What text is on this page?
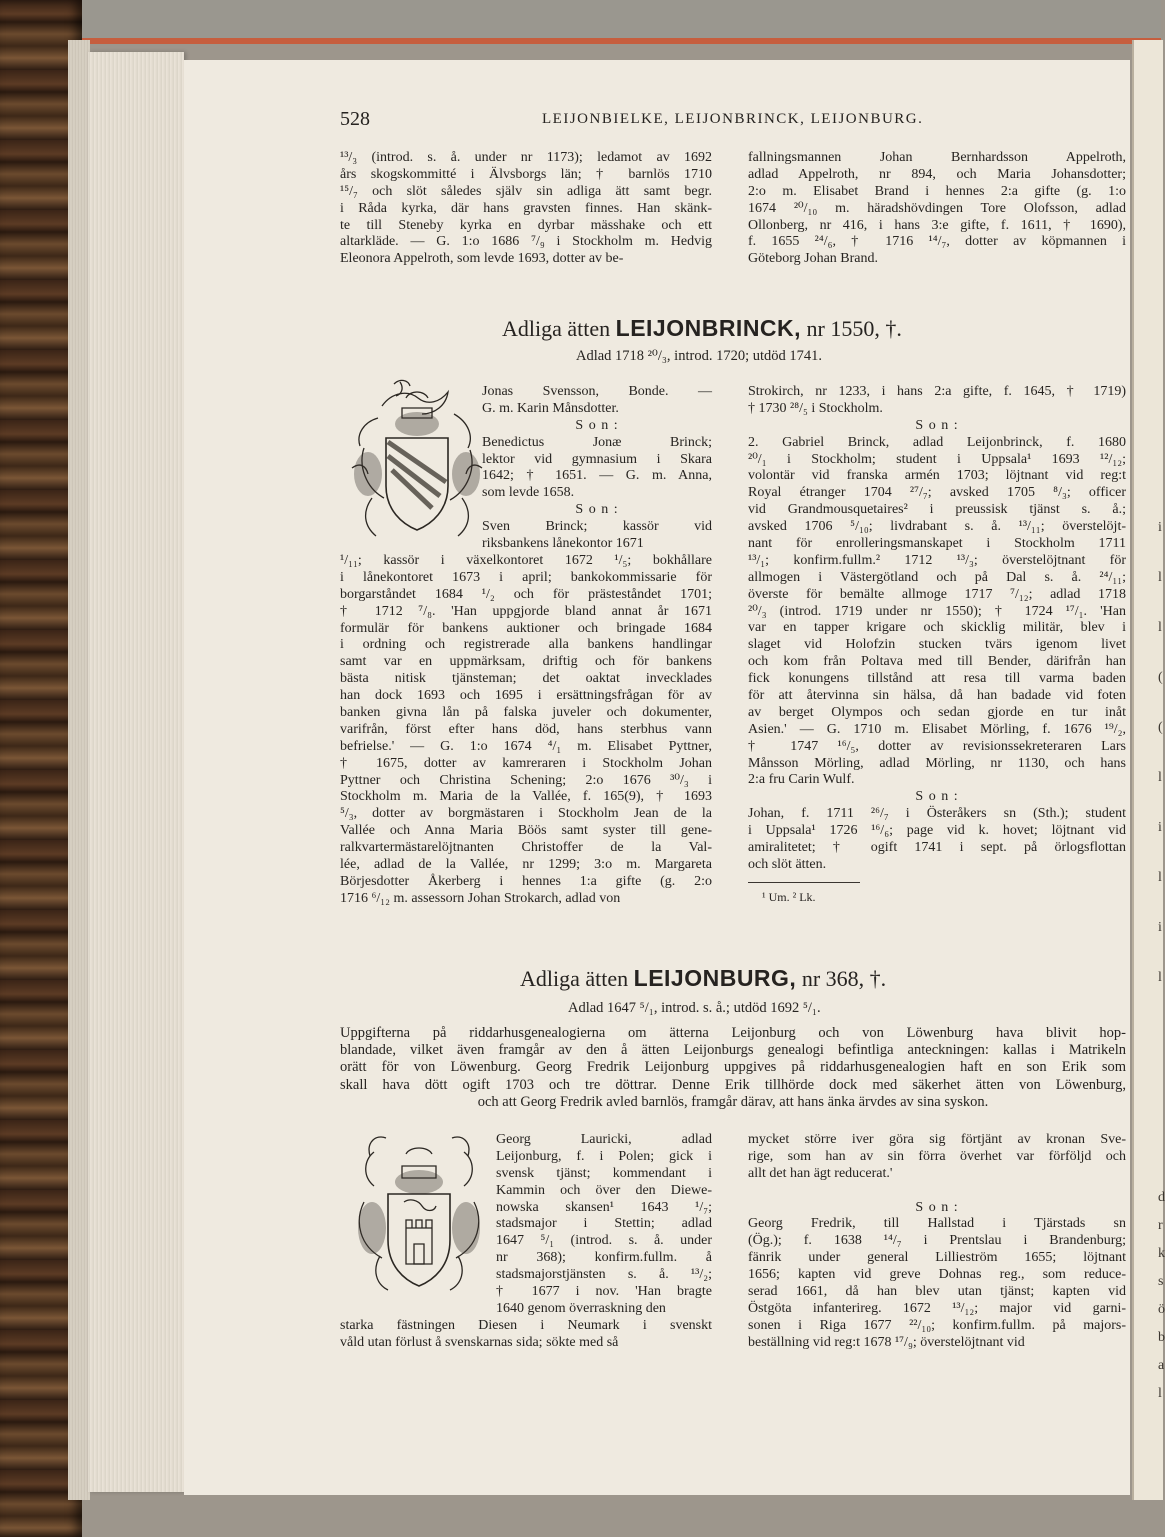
i
l
l
(
(
l
i
l
i
l
d
r
k
s
ö
b
a
l
528	LEIJONBIELKE, LEIJONBRINCK, LEIJONBURG.
¹³/₃ (introd. s. å. under nr 1173); ledamot av 1692
års skogskommitté i Älvsborgs län; † barnlös 1710
¹⁵/₇ och slöt således själv sin adliga ätt samt begr.
i Råda kyrka, där hans gravsten finnes. Han skänk-
te till Steneby kyrka en dyrbar mässhake och ett
altarkläde. — G. 1:o 1686 ⁷/₉ i Stockholm m. Hedvig
Eleonora Appelroth, som levde 1693, dotter av be-
fallningsmannen Johan Bernhardsson Appelroth,
adlad Appelroth, nr 894, och Maria Johansdotter;
2:o m. Elisabet Brand i hennes 2:a gifte (g. 1:o
1674 ²⁰/₁₀ m. häradshövdingen Tore Olofsson, adlad
Ollonberg, nr 416, i hans 3:e gifte, f. 1611, † 1690),
f. 1655 ²⁴/₆, † 1716 ¹⁴/₇, dotter av köpmannen i
Göteborg Johan Brand.
Adliga ätten LEIJONBRINCK, nr 1550, †.
Adlad 1718 ²⁰/₃, introd. 1720; utdöd 1741.
Jonas Svensson, Bonde. —
G. m. Karin Månsdotter.
S o n :
Benedictus Jonæ Brinck;
lektor vid gymnasium i Skara
1642; † 1651. — G. m. Anna,
som levde 1658.
S o n :
Sven Brinck; kassör vid
riksbankens lånekontor 1671
¹/₁₁; kassör i växelkontoret 1672 ¹/₅; bokhållare
i lånekontoret 1673 i april; bankokommissarie för
borgarståndet 1684 ¹/₂ och för prästeståndet 1701;
† 1712 ⁷/₈. 'Han uppgjorde bland annat år 1671
formulär för bankens auktioner och bringade 1684
i ordning och registrerade alla bankens handlingar
samt var en uppmärksam, driftig och för bankens
bästa nitisk tjänsteman; det oaktat invecklades
han dock 1693 och 1695 i ersättningsfrågan för av
banken givna lån på falska juveler och dokumenter,
varifrån, först efter hans död, hans sterbhus vann
befrielse.' — G. 1:o 1674 ⁴/₁ m. Elisabet Pyttner,
† 1675, dotter av kamreraren i Stockholm Johan
Pyttner och Christina Schening; 2:o 1676 ³⁰/₃ i
Stockholm m. Maria de la Vallée, f. 165(9), † 1693
⁵/₃, dotter av borgmästaren i Stockholm Jean de la
Vallée och Anna Maria Böös samt syster till gene-
ralkvartermästarelöjtnanten Christoffer de la Val-
lée, adlad de la Vallée, nr 1299; 3:o m. Margareta
Börjesdotter Åkerberg i hennes 1:a gifte (g. 2:o
1716 ⁶/₁₂ m. assessorn Johan Strokarch, adlad von
Strokirch, nr 1233, i hans 2:a gifte, f. 1645, † 1719)
† 1730 ²⁸/₅ i Stockholm.
S o n :
2. Gabriel Brinck, adlad Leijonbrinck, f. 1680
²⁰/₁ i Stockholm; student i Uppsala¹ 1693 ¹²/₁₂;
volontär vid franska armén 1703; löjtnant vid reg:t
Royal étranger 1704 ²⁷/₇; avsked 1705 ⁸/₃; officer
vid Grandmousquetaires² i preussisk tjänst s. å.;
avsked 1706 ⁵/₁₀; livdrabant s. å. ¹³/₁₁; överstelöjt-
nant för enrolleringsmanskapet i Stockholm 1711
¹³/₁; konfirm.fullm.² 1712 ¹³/₃; överstelöjtnant för
allmogen i Västergötland och på Dal s. å. ²⁴/₁₁;
överste för bemälte allmoge 1717 ⁷/₁₂; adlad 1718
²⁰/₃ (introd. 1719 under nr 1550); † 1724 ¹⁷/₁. 'Han
var en tapper krigare och skicklig militär, blev i
slaget vid Holofzin stucken tvärs igenom livet
och kom från Poltava med till Bender, därifrån han
fick konungens tillstånd att resa till varma baden
för att återvinna sin hälsa, då han badade vid foten
av berget Olympos och sedan gjorde en tur inåt
Asien.' — G. 1710 m. Elisabet Mörling, f. 1676 ¹⁹/₂,
† 1747 ¹⁶/₅, dotter av revisionssekreteraren Lars
Månsson Mörling, adlad Mörling, nr 1130, och hans
2:a fru Carin Wulf.
S o n :
Johan, f. 1711 ²⁶/₇ i Österåkers sn (Sth.); student
i Uppsala¹ 1726 ¹⁶/₆; page vid k. hovet; löjtnant vid
amiralitetet; † ogift 1741 i sept. på örlogsflottan
och slöt ätten.
¹ Um. ² Lk.
Adliga ätten LEIJONBURG, nr 368, †.
Adlad 1647 ⁵/₁, introd. s. å.; utdöd 1692 ⁵/₁.
Uppgifterna på riddarhusgenealogierna om ätterna Leijonburg och von Löwenburg hava blivit hop-
blandade, vilket även framgår av den å ätten Leijonburgs genealogi befintliga anteckningen: kallas i Matrikeln
orätt för von Löwenburg. Georg Fredrik Leijonburg uppgives på riddarhusgenealogien haft en son Erik som
skall hava dött ogift 1703 och tre döttrar. Denne Erik tillhörde dock med säkerhet ätten von Löwenburg,
och att Georg Fredrik avled barnlös, framgår därav, att hans änka ärvdes av sina syskon.
Georg Lauricki, adlad
Leijonburg, f. i Polen; gick i
svensk tjänst; kommendant i
Kammin och över den Diewe-
nowska skansen¹ 1643 ¹/₇;
stadsmajor i Stettin; adlad
1647 ⁵/₁ (introd. s. å. under
nr 368); konfirm.fullm. å
stadsmajorstjänsten s. å. ¹³/₂;
† 1677 i nov. 'Han bragte
1640 genom överraskning den
starka fästningen Diesen i Neumark i svenskt
våld utan förlust å svenskarnas sida; sökte med så
mycket större iver göra sig förtjänt av kronan Sve-
rige, som han av sin förra överhet var förföljd och
allt det han ägt reducerat.'
S o n :
Georg Fredrik, till Hallstad i Tjärstads sn
(Ög.); f. 1638 ¹⁴/₇ i Prentslau i Brandenburg;
fänrik under general Lillieström 1655; löjtnant
1656; kapten vid greve Dohnas reg., som reduce-
serad 1661, då han blev utan tjänst; kapten vid
Östgöta infanterireg. 1672 ¹³/₁₂; major vid garni-
sonen i Riga 1677 ²²/₁₀; konfirm.fullm. på majors-
beställning vid reg:t 1678 ¹⁷/₉; överstelöjtnant vid
